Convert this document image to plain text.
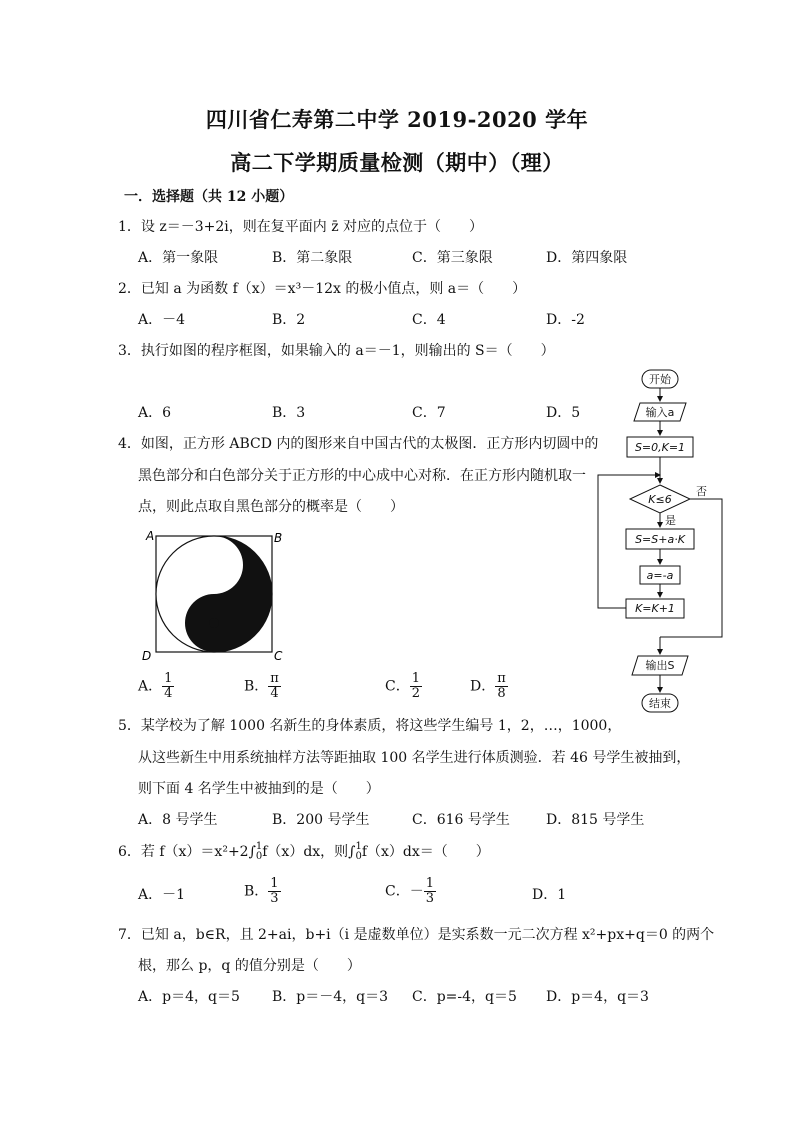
四川省仁寿第二中学 2019-2020 学年
高二下学期质量检测（期中）（理）
一．选择题（共 12 小题）
1．设 z＝－3+2i，则在复平面内 z̄ 对应的点位于（　　）
A．第一象限	B．第二象限	C．第三象限	D．第四象限
2．已知 a 为函数 f（x）＝x³－12x 的极小值点，则 a＝（　　）
A．－4	B．2	C．4	D．-2
3．执行如图的程序框图，如果输入的 a＝－1，则输出的 S＝（　　）
A．6	B．3	C．7	D．5
4．如图，正方形 ABCD 内的图形来自中国古代的太极图．正方形内切圆中的
黑色部分和白色部分关于正方形的中心成中心对称．在正方形内随机取一
点，则此点取自黑色部分的概率是（　　）
A	B
D	C
A． $\frac{1}{4}$	B． $\frac{\pi}{4}$	C． $\frac{1}{2}$	D． $\frac{\pi}{8}$
5．某学校为了解 1000 名新生的身体素质，将这些学生编号 1，2，…，1000，
从这些新生中用系统抽样方法等距抽取 100 名学生进行体质测验．若 46 号学生被抽到，
则下面 4 名学生中被抽到的是（　　）
A．8 号学生	B．200 号学生	C．616 号学生	D．815 号学生
6．若 f（x）＝x²+2∫ 1
0 f（x）dx，则∫ 1
0 f（x）dx＝（　　）
A．－1	B． $\frac{1}{3}$	C．－ $\frac{1}{3}$	D．1
7．已知 a，b∈R，且 2+ai，b+i（i 是虚数单位）是实系数一元二次方程 x²+px+q＝0 的两个
根，那么 p，q 的值分别是（　　）
A．p＝4，q＝5 B．p＝－4，q＝3 C．p=-4，q＝5 D．p＝4，q＝3
开始
输入a
S=0,K=1
K≤6
否
是
S=S+a·K
a=-a
K=K+1
输出S
结束
